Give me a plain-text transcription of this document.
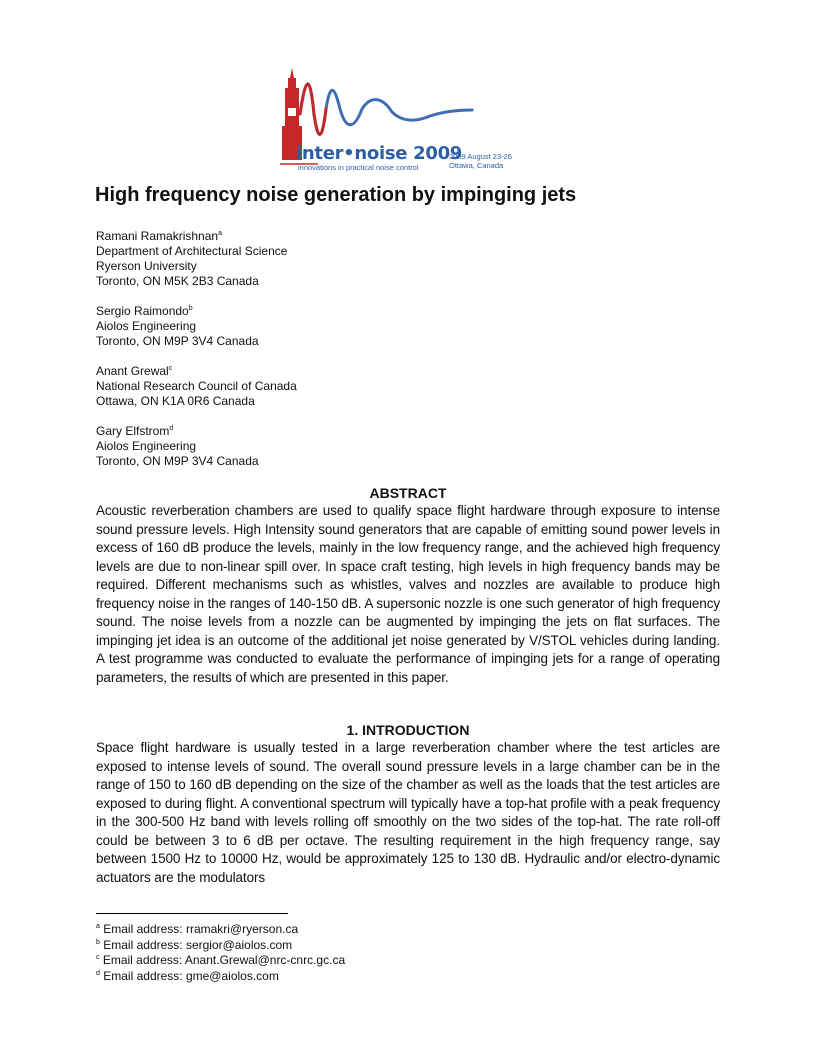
inter•noise 2009
innovations in practical noise control
2009 August 23-26
Ottawa, Canada
High frequency noise generation by impinging jets
Ramani Ramakrishnan$^a$
Department of Architectural Science
Ryerson University
Toronto, ON M5K 2B3 Canada
Sergio Raimondo$^b$
Aiolos Engineering
Toronto, ON M9P 3V4 Canada
Anant Grewal$^c$
National Research Council of Canada
Ottawa, ON K1A 0R6 Canada
Gary Elfstrom$^d$
Aiolos Engineering
Toronto, ON M9P 3V4 Canada
ABSTRACT

Acoustic reverberation chambers are used to qualify space flight hardware through exposure to intense sound pressure levels. High Intensity sound generators that are capable of emitting sound power levels in excess of 160 dB produce the levels, mainly in the low frequency range, and the achieved high frequency levels are due to non-linear spill over. In space craft testing, high levels in high frequency bands may be required. Different mechanisms such as whistles, valves and nozzles are available to produce high frequency noise in the ranges of 140-150 dB. A supersonic nozzle is one such generator of high frequency sound. The noise levels from a nozzle can be augmented by impinging the jets on flat surfaces. The impinging jet idea is an outcome of the additional jet noise generated by V/STOL vehicles during landing. A test programme was conducted to evaluate the performance of impinging jets for a range of operating parameters, the results of which are presented in this paper.

1. INTRODUCTION

Space flight hardware is usually tested in a large reverberation chamber where the test articles are exposed to intense levels of sound. The overall sound pressure levels in a large chamber can be in the range of 150 to 160 dB depending on the size of the chamber as well as the loads that the test articles are exposed to during flight. A conventional spectrum will typically have a top-hat profile with a peak frequency in the 300-500 Hz band with levels rolling off smoothly on the two sides of the top-hat. The rate roll-off could be between 3 to 6 dB per octave. The resulting requirement in the high frequency range, say between 1500 Hz to 10000 Hz, would be approximately 125 to 130 dB. Hydraulic and/or electro-dynamic actuators are the modulators

$^a$ Email address: rramakri@ryerson.ca
$^b$ Email address: sergior@aiolos.com
$^c$ Email address: Anant.Grewal@nrc-cnrc.gc.ca
$^d$ Email address: gme@aiolos.com
